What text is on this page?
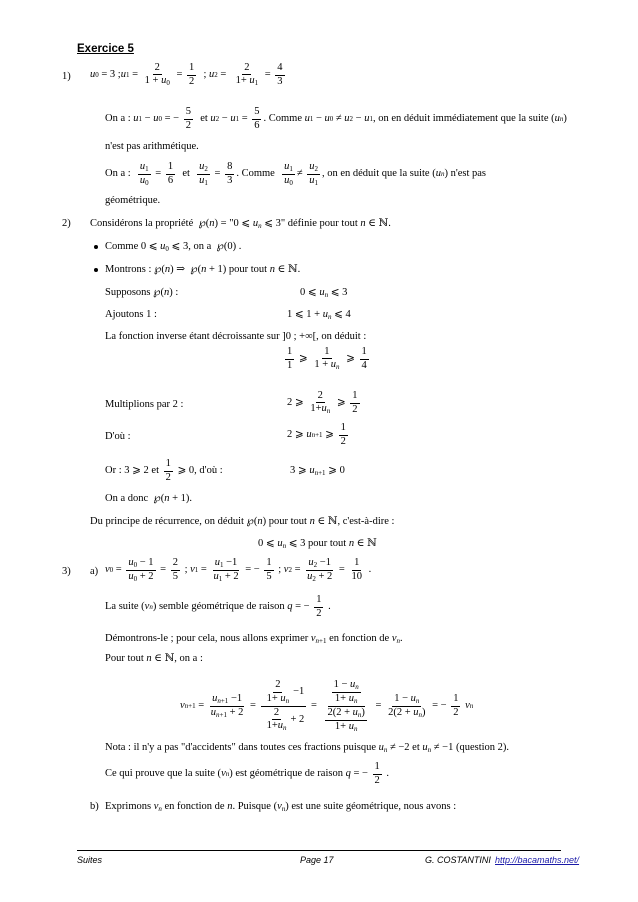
Exercice 5
1) u 0 = 3 ; u $1 = \frac{2}{1 + u_0} = \frac{1}{2}$ ; u $2 = \frac{2}{1+ u_1} = \frac{4}{3}$
On a : u 1 − u 0 = − $\frac{5}{2}$ et u 2 − u $1 = \frac{5}{6}$ . Comme u 1 − u 0 ≠ u 2 − u 1 , on en déduit immédiatement que la suite ( u n )
n'est pas arithmétique.
On a : $\frac{u_1}{u_0} = \frac{1}{6}$ et $\frac{u_2}{u_1} = \frac{8}{3}$ . Comme $\frac{u_1}{u_0} \ne \frac{u_2}{u_1}$ , on en déduit que la suite ( u n ) n'est pas
géométrique.
2) Considérons la propriété  ℘(n) = "0 ⩽ $u_n$ ⩽ 3" définie pour tout n ∈ ℕ.
Comme 0 ⩽ $u_0$ ⩽ 3, on a  ℘(0) .
Montrons : ℘(n) ⇒  ℘(n + 1) pour tout n ∈ ℕ.
Supposons ℘(n) :	0 ⩽ $u_n$ ⩽ 3
Ajoutons 1 :	1 ⩽ $1 + u_n$ ⩽ 4
La fonction inverse étant décroissante sur ]0 ; +∞[, on déduit :
$\frac{1}{1}$ ⩾ $\frac{1}{1 + u_n}$ ⩾ $\frac{1}{4}$
Multiplions par 2 :	2 ⩾ $\frac{2}{1+u_n}$ ⩾ $\frac{1}{2}$
D'où :	2 ⩾ u n+1 ⩾ $\frac{1}{2}$
Or : 3 ⩾ 2 et $\frac{1}{2}$ ⩾ 0, d'où :	3 ⩾ $u_{n+1}$ ⩾ 0
On a donc  ℘(n + 1).
Du principe de récurrence, on déduit ℘(n) pour tout n ∈ ℕ, c'est-à-dire :
0 ⩽ $u_n$ ⩽ 3 pour tout n ∈ ℕ
3) a) v $0 = \frac{u_0 - 1}{u_0 + 2} = \frac{2}{5}$ ; v $1 = \frac{u_1 -1}{u_1 + 2}$ = − $\frac{1}{5}$ ; v $2 = \frac{u_2 -1}{u_2 + 2} = \frac{1}{10}$ .
La suite ( v n ) semble géométrique de raison q = − $\frac{1}{2}$ .
Démontrons-le ; pour cela, nous allons exprimer $v_{n+1}$ en fonction de $v_n$.
Pour tout n ∈ ℕ, on a :
v $n+1 = \frac{u_{n+1} -1}{u_{n+1} + 2} = \frac{\frac{2}{1+ u_n} -1}{\frac{2}{1+u_n} + 2} = \frac{\frac{1 - u_n}{1+ u_n}}{\frac{2(2 + u_n)}{1+ u_n}} = \frac{1 - u_n}{2(2 + u_n)}$ = − $\frac{1}{2}$
v n
Nota : il n'y a pas "d'accidents" dans toutes ces fractions puisque $u_n \ne -2$ et $u_n \ne -1$ (question 2).
Ce qui prouve que la suite ( v n ) est géométrique de raison q = − $\frac{1}{2}$ .
b) Exprimons $v_n$ en fonction de n. Puisque $(v_n)$ est une suite géométrique, nous avons :
Suites	Page 17	G. COSTANTINI http://bacamaths.net/
